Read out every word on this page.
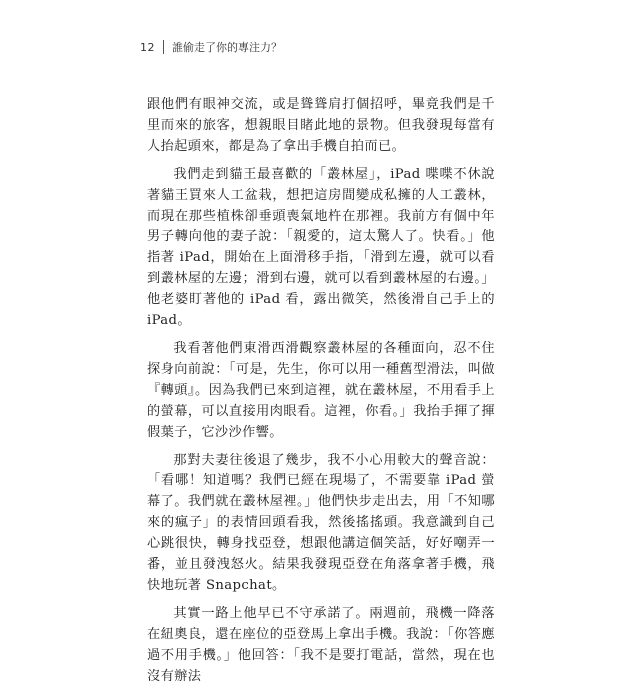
12	誰偷走了你的專注力？

跟他們有眼神交流，或是聳聳肩打個招呼，畢竟我們是千里而來的旅客，想親眼目睹此地的景物。但我發現每當有人抬起頭來，都是為了拿出手機自拍而已。

我們走到貓王最喜歡的「叢林屋」，iPad 喋喋不休說著貓王買來人工盆栽，想把這房間變成私擁的人工叢林，而現在那些植株卻垂頭喪氣地杵在那裡。我前方有個中年男子轉向他的妻子說：「親愛的，這太驚人了。快看。」他指著 iPad，開始在上面滑移手指，「滑到左邊，就可以看到叢林屋的左邊；滑到右邊，就可以看到叢林屋的右邊。」他老婆盯著他的 iPad 看，露出微笑，然後滑自己手上的 iPad。

我看著他們東滑西滑觀察叢林屋的各種面向，忍不住探身向前說：「可是，先生，你可以用一種舊型滑法，叫做『轉頭』。因為我們已來到這裡，就在叢林屋，不用看手上的螢幕，可以直接用肉眼看。這裡，你看。」我抬手揮了揮假葉子，它沙沙作響。

那對夫妻往後退了幾步，我不小心用較大的聲音說：「看哪！知道嗎？我們已經在現場了，不需要靠 iPad 螢幕了。我們就在叢林屋裡。」他們快步走出去，用「不知哪來的瘋子」的表情回頭看我，然後搖搖頭。我意識到自己心跳很快，轉身找亞登，想跟他講這個笑話，好好嘲弄一番，並且發洩怒火。結果我發現亞登在角落拿著手機，飛快地玩著 Snapchat。

其實一路上他早已不守承諾了。兩週前，飛機一降落在紐奧良，還在座位的亞登馬上拿出手機。我說：「你答應過不用手機。」他回答：「我不是要打電話，當然，現在也沒有辦法
